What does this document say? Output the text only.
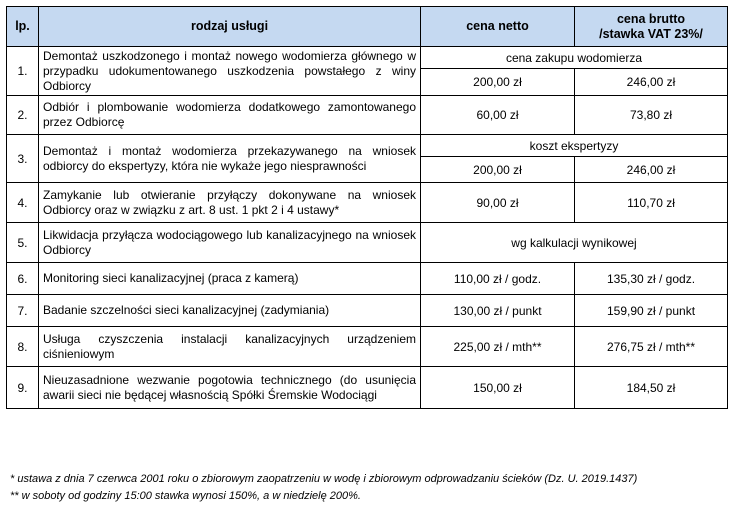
lp.	rodzaj usługi	cena netto	cena brutto
/stawka VAT 23%/
1.	Demontaż uszkodzonego i montaż nowego wodomierza głównego w przypadku udokumentowanego uszkodzenia powstałego z winy Odbiorcy	cena zakupu wodomierza	
		200,00 zł	246,00 zł
2.	Odbiór i plombowanie wodomierza dodatkowego zamontowanego przez Odbiorcę	60,00 zł	73,80 zł
3.	Demontaż i montaż wodomierza przekazywanego na wniosek odbiorcy do ekspertyzy, która nie wykaże jego niesprawności	koszt ekspertyzy	
		200,00 zł	246,00 zł
4.	Zamykanie lub otwieranie przyłączy dokonywane na wniosek Odbiorcy oraz w związku z art. 8 ust. 1 pkt 2 i 4 ustawy*	90,00 zł	110,70 zł
5.	Likwidacja przyłącza wodociągowego lub kanalizacyjnego na wniosek Odbiorcy	wg kalkulacji wynikowej	
6.	Monitoring sieci kanalizacyjnej (praca z kamerą)	110,00 zł / godz.	135,30 zł / godz.
7.	Badanie szczelności sieci kanalizacyjnej (zadymiania)	130,00 zł / punkt	159,90 zł / punkt
8.	Usługa czyszczenia instalacji kanalizacyjnych urządzeniem ciśnieniowym	225,00 zł / mth**	276,75 zł / mth**
9.	Nieuzasadnione wezwanie pogotowia technicznego (do usunięcia awarii sieci nie będącej własnością Spółki Śremskie Wodociągi	150,00 zł	184,50 zł
* ustawa z dnia 7 czerwca 2001 roku o zbiorowym zaopatrzeniu w wodę i zbiorowym odprowadzaniu ścieków (Dz. U. 2019.1437)
** w soboty od godziny 15:00 stawka wynosi 150%, a w niedzielę 200%.
